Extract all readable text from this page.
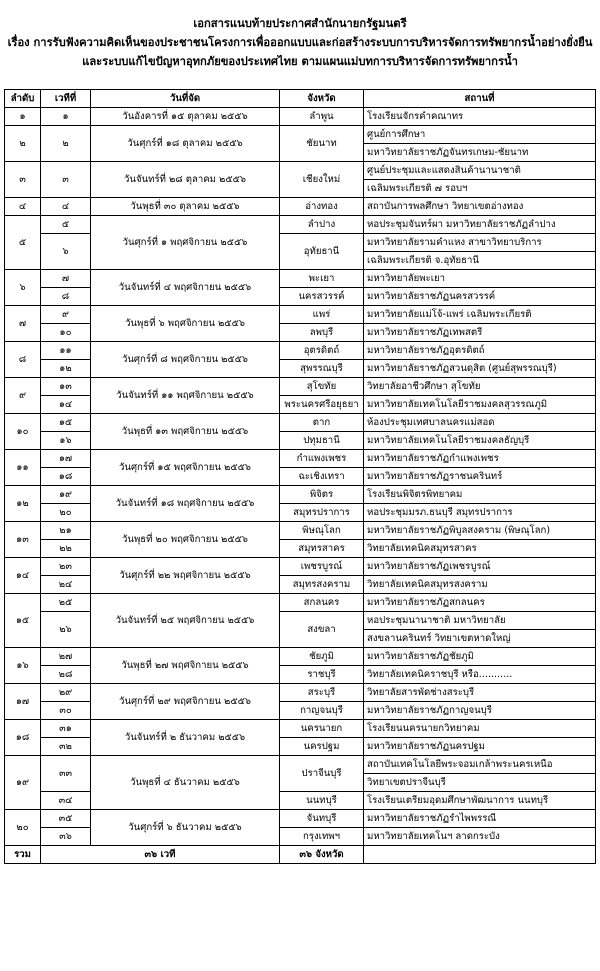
เอกสารแนบท้ายประกาศสำนักนายกรัฐมนตรี
เรื่อง การรับฟังความคิดเห็นของประชาชนโครงการเพื่อออกแบบและก่อสร้างระบบการบริหารจัดการทรัพยากรน้ำอย่างยั่งยืน
และระบบแก้ไขปัญหาอุทกภัยของประเทศไทย ตามแผนแม่บทการบริหารจัดการทรัพยากรน้ำ
ลำดับ	เวทีที่	วันที่จัด	จังหวัด	สถานที่
๑	๑	วันอังคารที่ ๑๕ ตุลาคม ๒๕๕๖	ลำพูน	โรงเรียนจักรคำคณาทร
๒	๒	วันศุกร์ที่ ๑๘ ตุลาคม ๒๕๕๖	ชัยนาท	ศูนย์การศึกษา
				มหาวิทยาลัยราชภัฏจันทรเกษม-ชัยนาท
๓	๓	วันจันทร์ที่ ๒๘ ตุลาคม ๒๕๕๖	เชียงใหม่	ศูนย์ประชุมและแสดงสินค้านานาชาติ
				เฉลิมพระเกียรติ ๗ รอบฯ
๔	๔	วันพุธที่ ๓๐ ตุลาคม ๒๕๕๖	อ่างทอง	สถาบันการพลศึกษา วิทยาเขตอ่างทอง
๕	๕	วันศุกร์ที่ ๑ พฤศจิกายน ๒๕๕๖	ลำปาง	หอประชุมจันทร์ผา มหาวิทยาลัยราชภัฏลำปาง
	๖		อุทัยธานี	มหาวิทยาลัยรามคำแหง สาขาวิทยาบริการ
				เฉลิมพระเกียรติ จ.อุทัยธานี
๖	๗	วันจันทร์ที่ ๔ พฤศจิกายน ๒๕๕๖	พะเยา	มหาวิทยาลัยพะเยา
	๘		นครสวรรค์	มหาวิทยาลัยราชภัฏนครสวรรค์
๗	๙	วันพุธที่ ๖ พฤศจิกายน ๒๕๕๖	แพร่	มหาวิทยาลัยแม่โจ้-แพร่ เฉลิมพระเกียรติ
	๑๐		ลพบุรี	มหาวิทยาลัยราชภัฏเทพสตรี
๘	๑๑	วันศุกร์ที่ ๘ พฤศจิกายน ๒๕๕๖	อุตรดิตถ์	มหาวิทยาลัยราชภัฏอุตรดิตถ์
	๑๒		สุพรรณบุรี	มหาวิทยาลัยราชภัฏสวนดุสิต (ศูนย์สุพรรณบุรี)
๙	๑๓	วันจันทร์ที่ ๑๑ พฤศจิกายน ๒๕๕๖	สุโขทัย	วิทยาลัยอาชีวศึกษา สุโขทัย
	๑๔		พระนครศรีอยุธยา	มหาวิทยาลัยเทคโนโลยีราชมงคลสุวรรณภูมิ
๑๐	๑๕	วันพุธที่ ๑๓ พฤศจิกายน ๒๕๕๖	ตาก	ห้องประชุมเทศบาลนครแม่สอด
	๑๖		ปทุมธานี	มหาวิทยาลัยเทคโนโลยีราชมงคลธัญบุรี
๑๑	๑๗	วันศุกร์ที่ ๑๕ พฤศจิกายน ๒๕๕๖	กำแพงเพชร	มหาวิทยาลัยราชภัฏกำแพงเพชร
	๑๘		ฉะเชิงเทรา	มหาวิทยาลัยราชภัฏราชนครินทร์
๑๒	๑๙	วันจันทร์ที่ ๑๘ พฤศจิกายน ๒๕๕๖	พิจิตร	โรงเรียนพิจิตรพิทยาคม
	๒๐		สมุทรปราการ	หอประชุมมรภ.ธนบุรี สมุทรปราการ
๑๓	๒๑	วันพุธที่ ๒๐ พฤศจิกายน ๒๕๕๖	พิษณุโลก	มหาวิทยาลัยราชภัฏพิบูลสงคราม (พิษณุโลก)
	๒๒		สมุทรสาคร	วิทยาลัยเทคนิคสมุทรสาคร
๑๔	๒๓	วันศุกร์ที่ ๒๒ พฤศจิกายน ๒๕๕๖	เพชรบูรณ์	มหาวิทยาลัยราชภัฏเพชรบูรณ์
	๒๔		สมุทรสงคราม	วิทยาลัยเทคนิคสมุทรสงคราม
๑๕	๒๕	วันจันทร์ที่ ๒๕ พฤศจิกายน ๒๕๕๖	สกลนคร	มหาวิทยาลัยราชภัฏสกลนคร
	๒๖		สงขลา	หอประชุมนานาชาติ มหาวิทยาลัย
				สงขลานครินทร์ วิทยาเขตหาดใหญ่
๑๖	๒๗	วันพุธที่ ๒๗ พฤศจิกายน ๒๕๕๖	ชัยภูมิ	มหาวิทยาลัยราชภัฏชัยภูมิ
	๒๘		ราชบุรี	วิทยาลัยเทคนิคราชบุรี หรือ...........
๑๗	๒๙	วันศุกร์ที่ ๒๙ พฤศจิกายน ๒๕๕๖	สระบุรี	วิทยาลัยสารพัดช่างสระบุรี
	๓๐		กาญจนบุรี	มหาวิทยาลัยราชภัฏกาญจนบุรี
๑๘	๓๑	วันจันทร์ที่ ๒ ธันวาคม ๒๕๕๖	นครนายก	โรงเรียนนครนายกวิทยาคม
	๓๒		นครปฐม	มหาวิทยาลัยราชภัฏนครปฐม
๑๙	๓๓	วันพุธที่ ๔ ธันวาคม ๒๕๕๖	ปราจีนบุรี	สถาบันเทคโนโลยีพระจอมเกล้าพระนครเหนือ
				วิทยาเขตปราจีนบุรี
	๓๔		นนทบุรี	โรงเรียนเตรียมอุดมศึกษาพัฒนาการ นนทบุรี
๒๐	๓๕	วันศุกร์ที่ ๖ ธันวาคม ๒๕๕๖	จันทบุรี	มหาวิทยาลัยราชภัฏรำไพพรรณี
	๓๖		กรุงเทพฯ	มหาวิทยาลัยเทคโนฯ ลาดกระบัง
รวม	๓๖ เวที		๓๖ จังหวัด	
